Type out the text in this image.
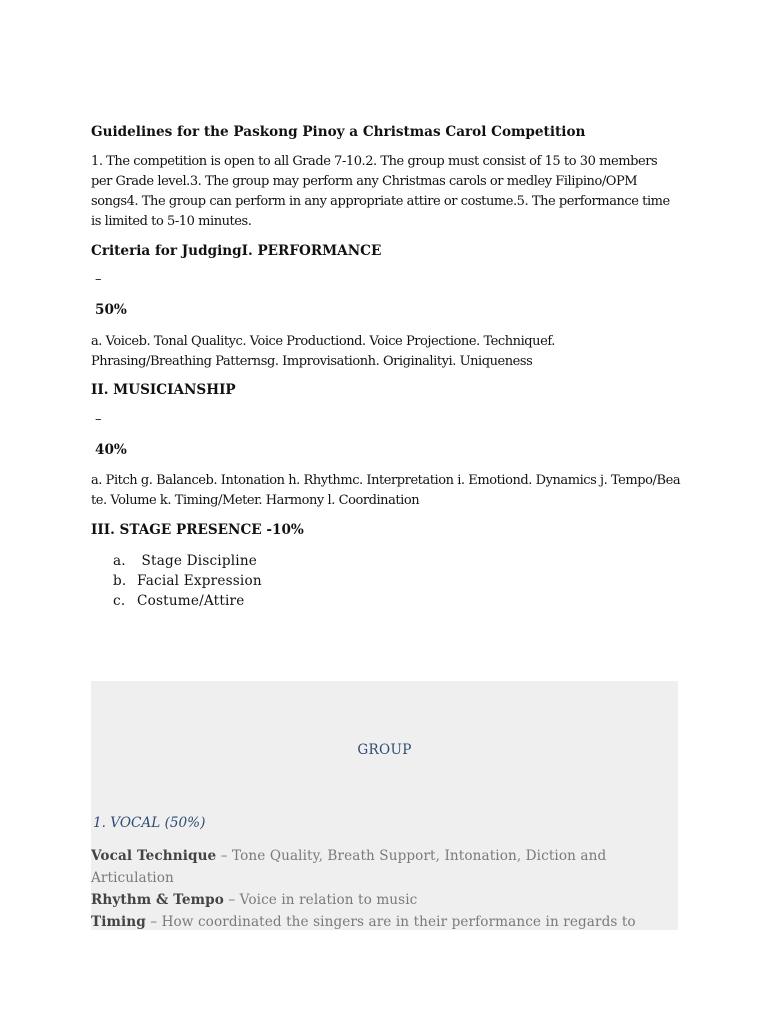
Guidelines for the Paskong Pinoy a Christmas Carol Competition

1. The competition is open to all Grade 7-10.2. The group must consist of 15 to 30 members per Grade level.3. The group may perform any Christmas carols or medley Filipino/OPM songs4. The group can perform in any appropriate attire or costume.5. The performance time is limited to 5-10 minutes.

Criteria for JudgingI. PERFORMANCE

–
50%

a. Voiceb. Tonal Qualityc. Voice Productiond. Voice Projectione. Techniquef. Phrasing/Breathing Patternsg. Improvisationh. Originalityi. Uniqueness

II. MUSICIANSHIP

–
40%

a. Pitch g. Balanceb. Intonation h. Rhythmc. Interpretation i. Emotiond. Dynamics j. Tempo/Beate. Volume k. Timing/Meter. Harmony l. Coordination

III. STAGE PRESENCE -10%

a. Stage Discipline
b. Facial Expression
c. Costume/Attire
GROUP
1. VOCAL (50%)
Vocal Technique – Tone Quality, Breath Support, Intonation, Diction and Articulation
Rhythm & Tempo – Voice in relation to music
Timing – How coordinated the singers are in their performance in regards to
